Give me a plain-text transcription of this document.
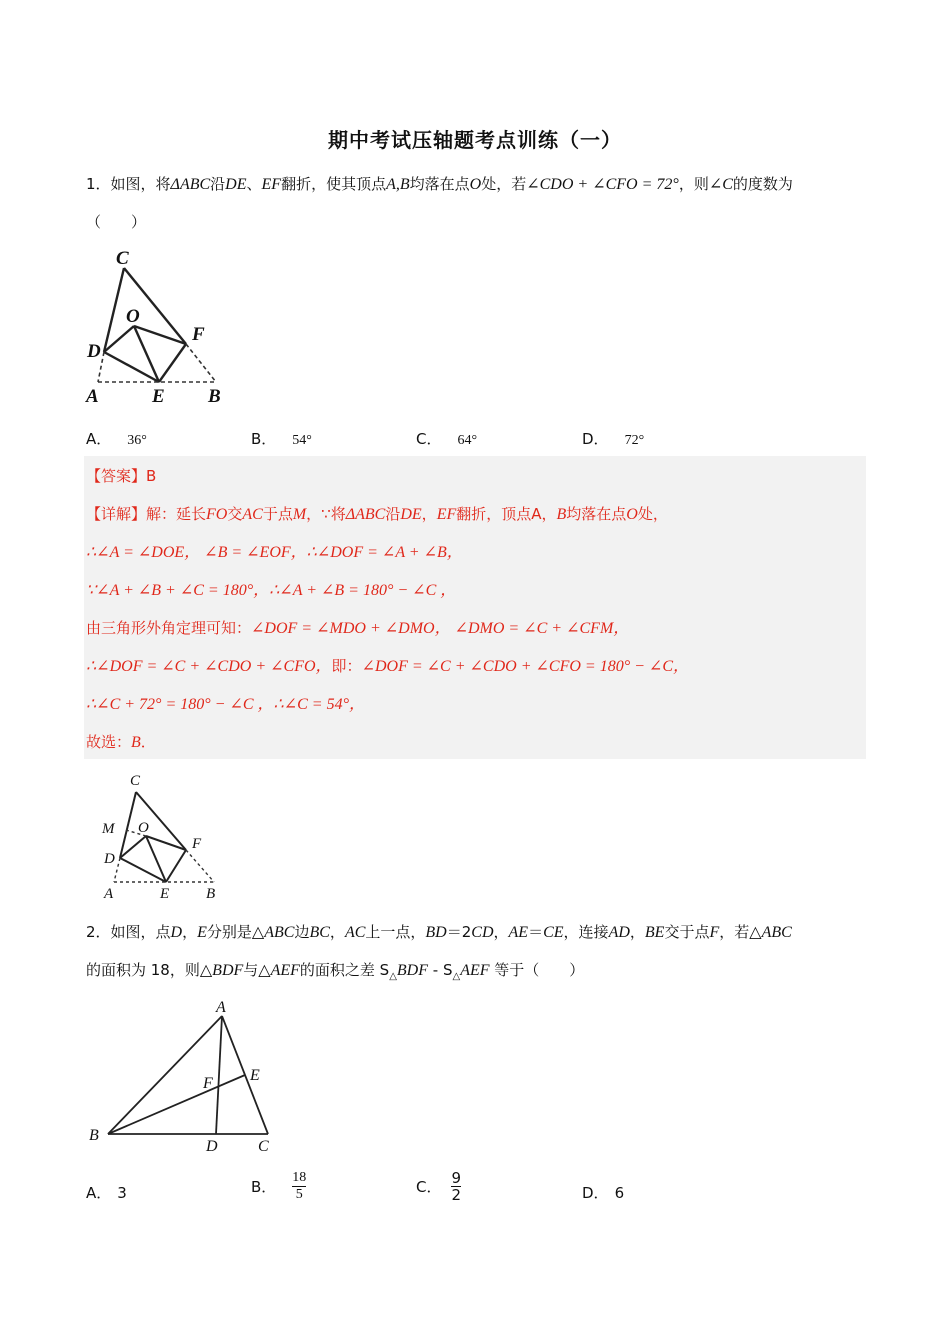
期中考试压轴题考点训练（一）
1．如图，将ΔABC沿DE、EF翻折，使其顶点A,B均落在点O处，若∠CDO + ∠CFO = 72°，则∠C的度数为
（　　）
C
O
D
F
A	E B
A． 36°	B． 54°	C． 64°	D． 72°
【答案】B
【详解】解：延长FO交AC于点M，∵将ΔABC沿DE，EF翻折，顶点A，B均落在点O处，
∴∠A = ∠DOE， ∠B = ∠EOF，∴∠DOF = ∠A + ∠B，
∵∠A + ∠B + ∠C = 180°，∴∠A + ∠B = 180° − ∠C ，
由三角形外角定理可知：∠DOF = ∠MDO + ∠DMO， ∠DMO = ∠C + ∠CFM，
∴∠DOF = ∠C + ∠CDO + ∠CFO，即：∠DOF = ∠C + ∠CDO + ∠CFO = 180° − ∠C，
∴∠C + 72° = 180° − ∠C ，∴∠C = 54°，
故选：B．
C
M O
D
F
A	E B
2．如图，点D，E分别是△ABC边BC，AC上一点，BD＝2CD，AE＝CE，连接AD，BE交于点F，若△ABC
的面积为 18，则△BDF与△AEF的面积之差 $S_\triangle BDF - S_\triangle AEF$ 等于（　　）
A
E
F
B
D	C
A． 3	B． $\frac{18}{5}$	C． $\frac{9}{2}$	D． 6
